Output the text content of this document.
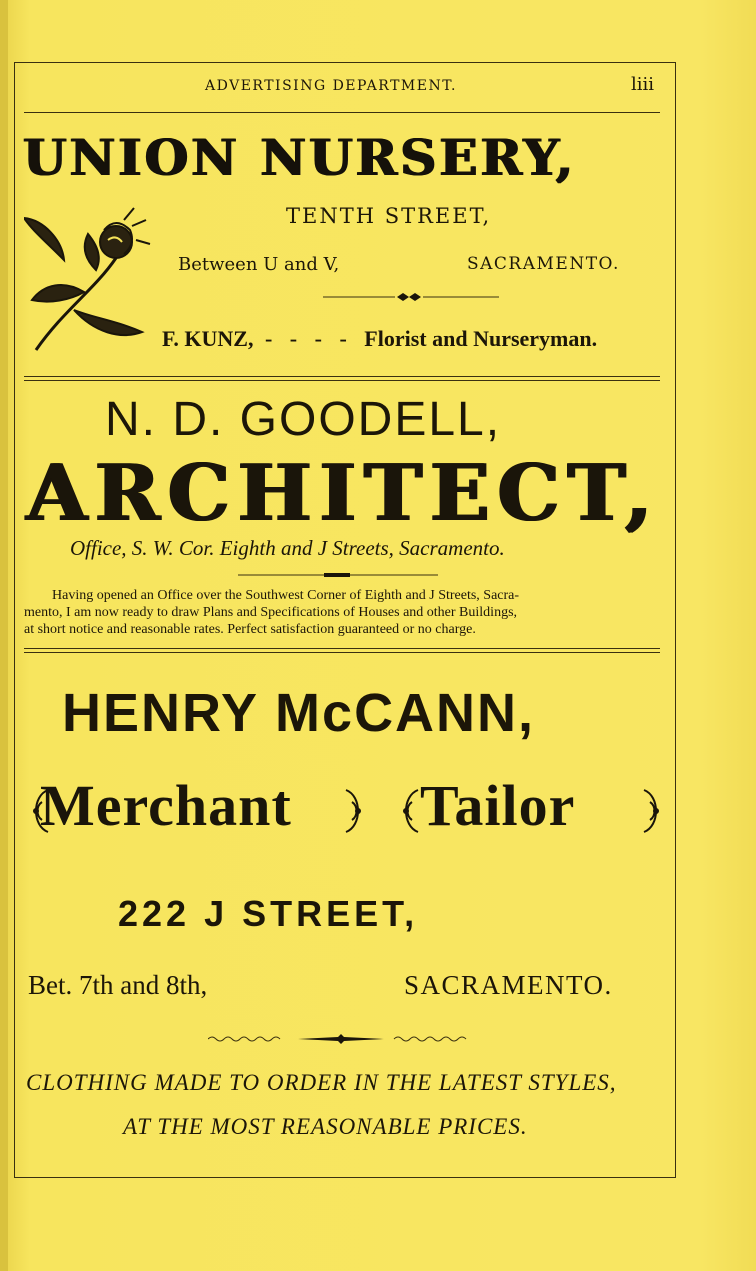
ADVERTISING DEPARTMENT.	liii
UNION NURSERY,
TENTH STREET,
Between U and V,	SACRAMENTO.
F. KUNZ, - - - - Florist and Nurseryman.
N. D. GOODELL,
ARCHITECT,
Office, S. W. Cor. Eighth and J Streets, Sacramento.
Having opened an Office over the Southwest Corner of Eighth and J Streets, Sacra-
mento, I am now ready to draw Plans and Specifications of Houses and other Buildings,
at short notice and reasonable rates. Perfect satisfaction guaranteed or no charge.
HENRY McCANN,
Merchant Tailor
222 J STREET,
Bet. 7th and 8th,	SACRAMENTO.
CLOTHING MADE TO ORDER IN THE LATEST STYLES,
AT THE MOST REASONABLE PRICES.
